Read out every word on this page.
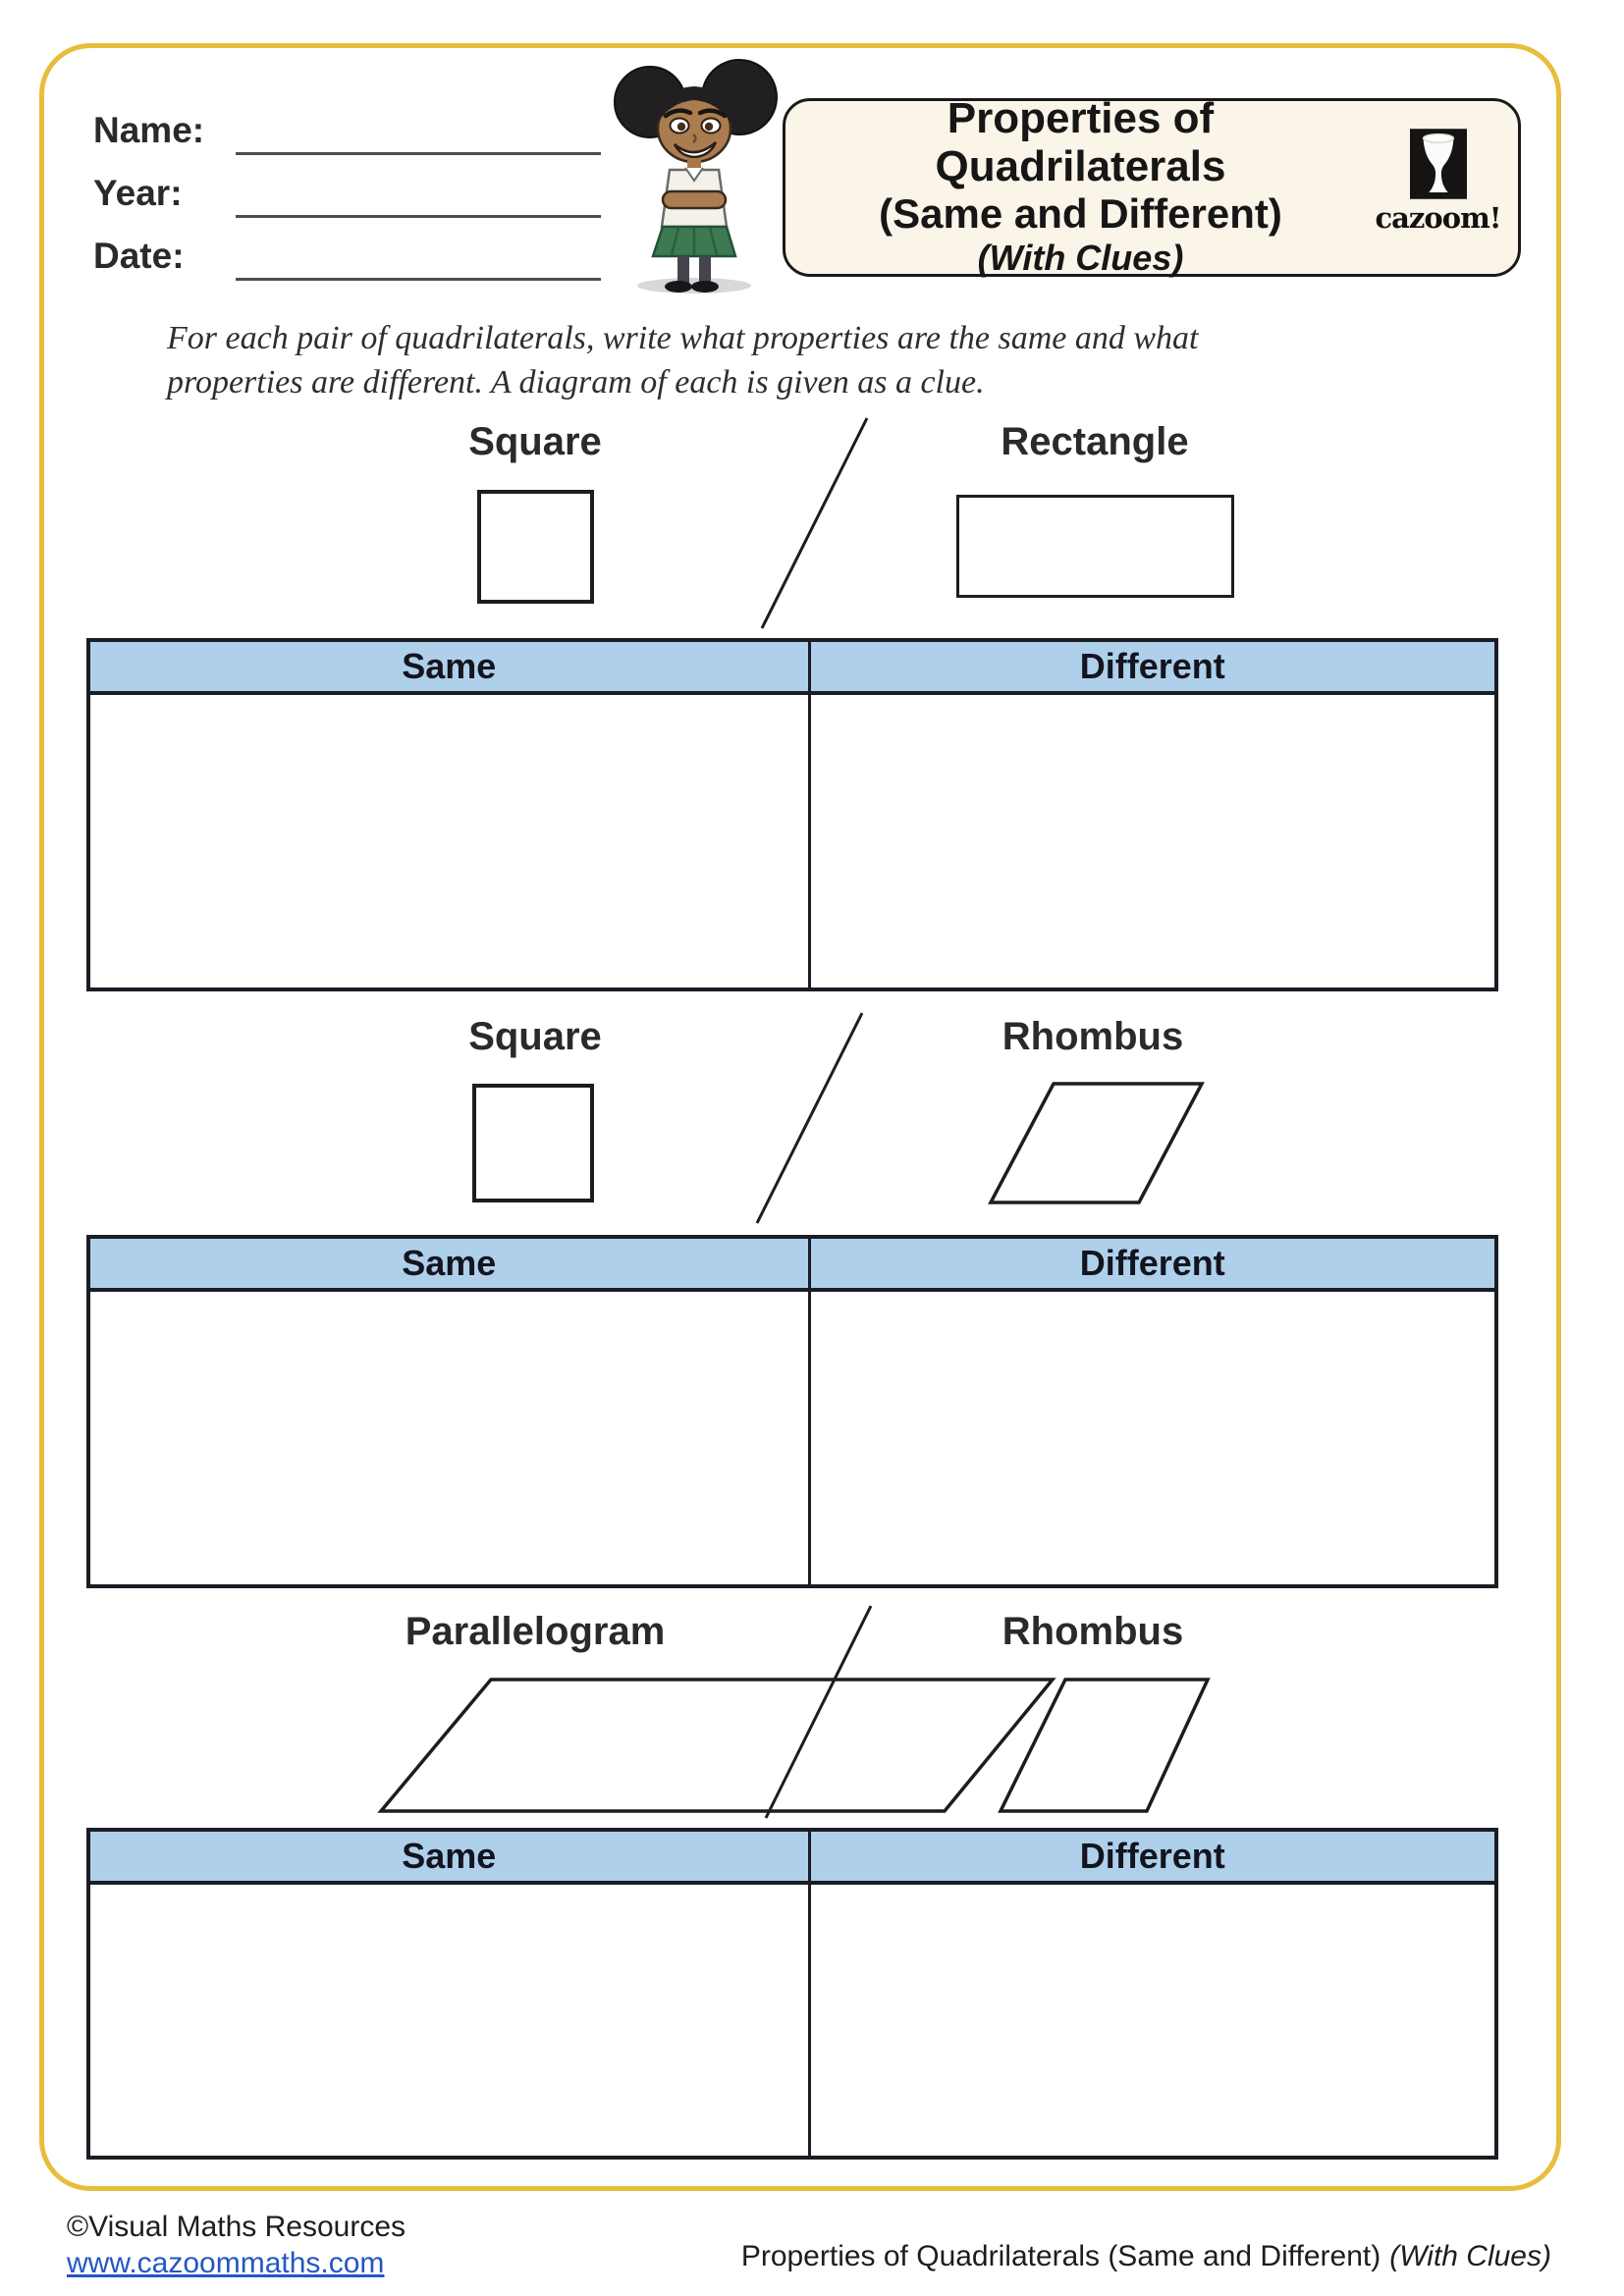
Name:
Year:
Date:
Properties of Quadrilaterals
(Same and Different)
(With Clues)
cazoom!

For each pair of quadrilaterals, write what properties are the same and what properties are different. A diagram of each is given as a clue.

Square	Rectangle
Same	Different
Square	Rhombus
Same	Different
Parallelogram	Rhombus
Same	Different
©Visual Maths Resources
www.cazoommaths.com	Properties of Quadrilaterals (Same and Different) (With Clues)
